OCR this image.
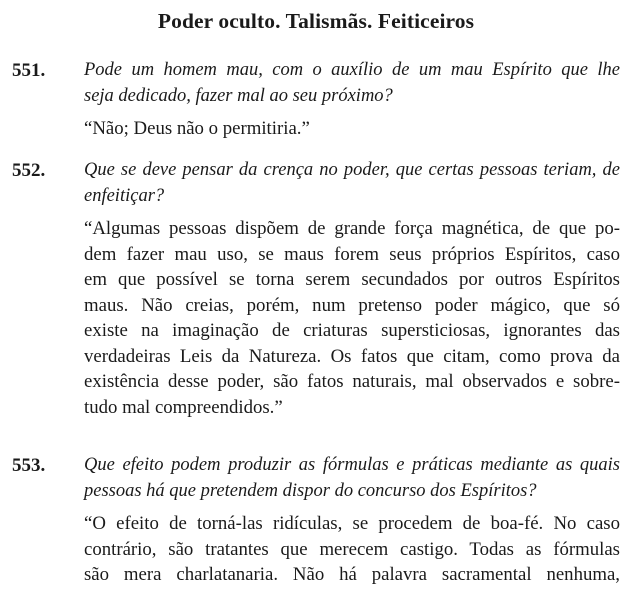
Poder oculto. Talismãs. Feiticeiros
551. Pode um homem mau, com o auxílio de um mau Espírito que lhe
seja dedicado, fazer mal ao seu próximo?
“Não; Deus não o permitiria.”
552. Que se deve pensar da crença no poder, que certas pessoas teriam, de
enfeitiçar?
“Algumas pessoas dispõem de grande força magnética, de que po-
dem fazer mau uso, se maus forem seus próprios Espíritos, caso
em que possível se torna serem secundados por outros Espíritos
maus. Não creias, porém, num pretenso poder mágico, que só
existe na imaginação de criaturas supersticiosas, ignorantes das
verdadeiras Leis da Natureza. Os fatos que citam, como prova da
existência desse poder, são fatos naturais, mal observados e sobre-
tudo mal compreendidos.”
553. Que efeito podem produzir as fórmulas e práticas mediante as quais
pessoas há que pretendem dispor do concurso dos Espíritos?
“O efeito de torná-las ridículas, se procedem de boa-fé. No caso
contrário, são tratantes que merecem castigo. Todas as fórmulas
são mera charlatanaria. Não há palavra sacramental nenhuma,
